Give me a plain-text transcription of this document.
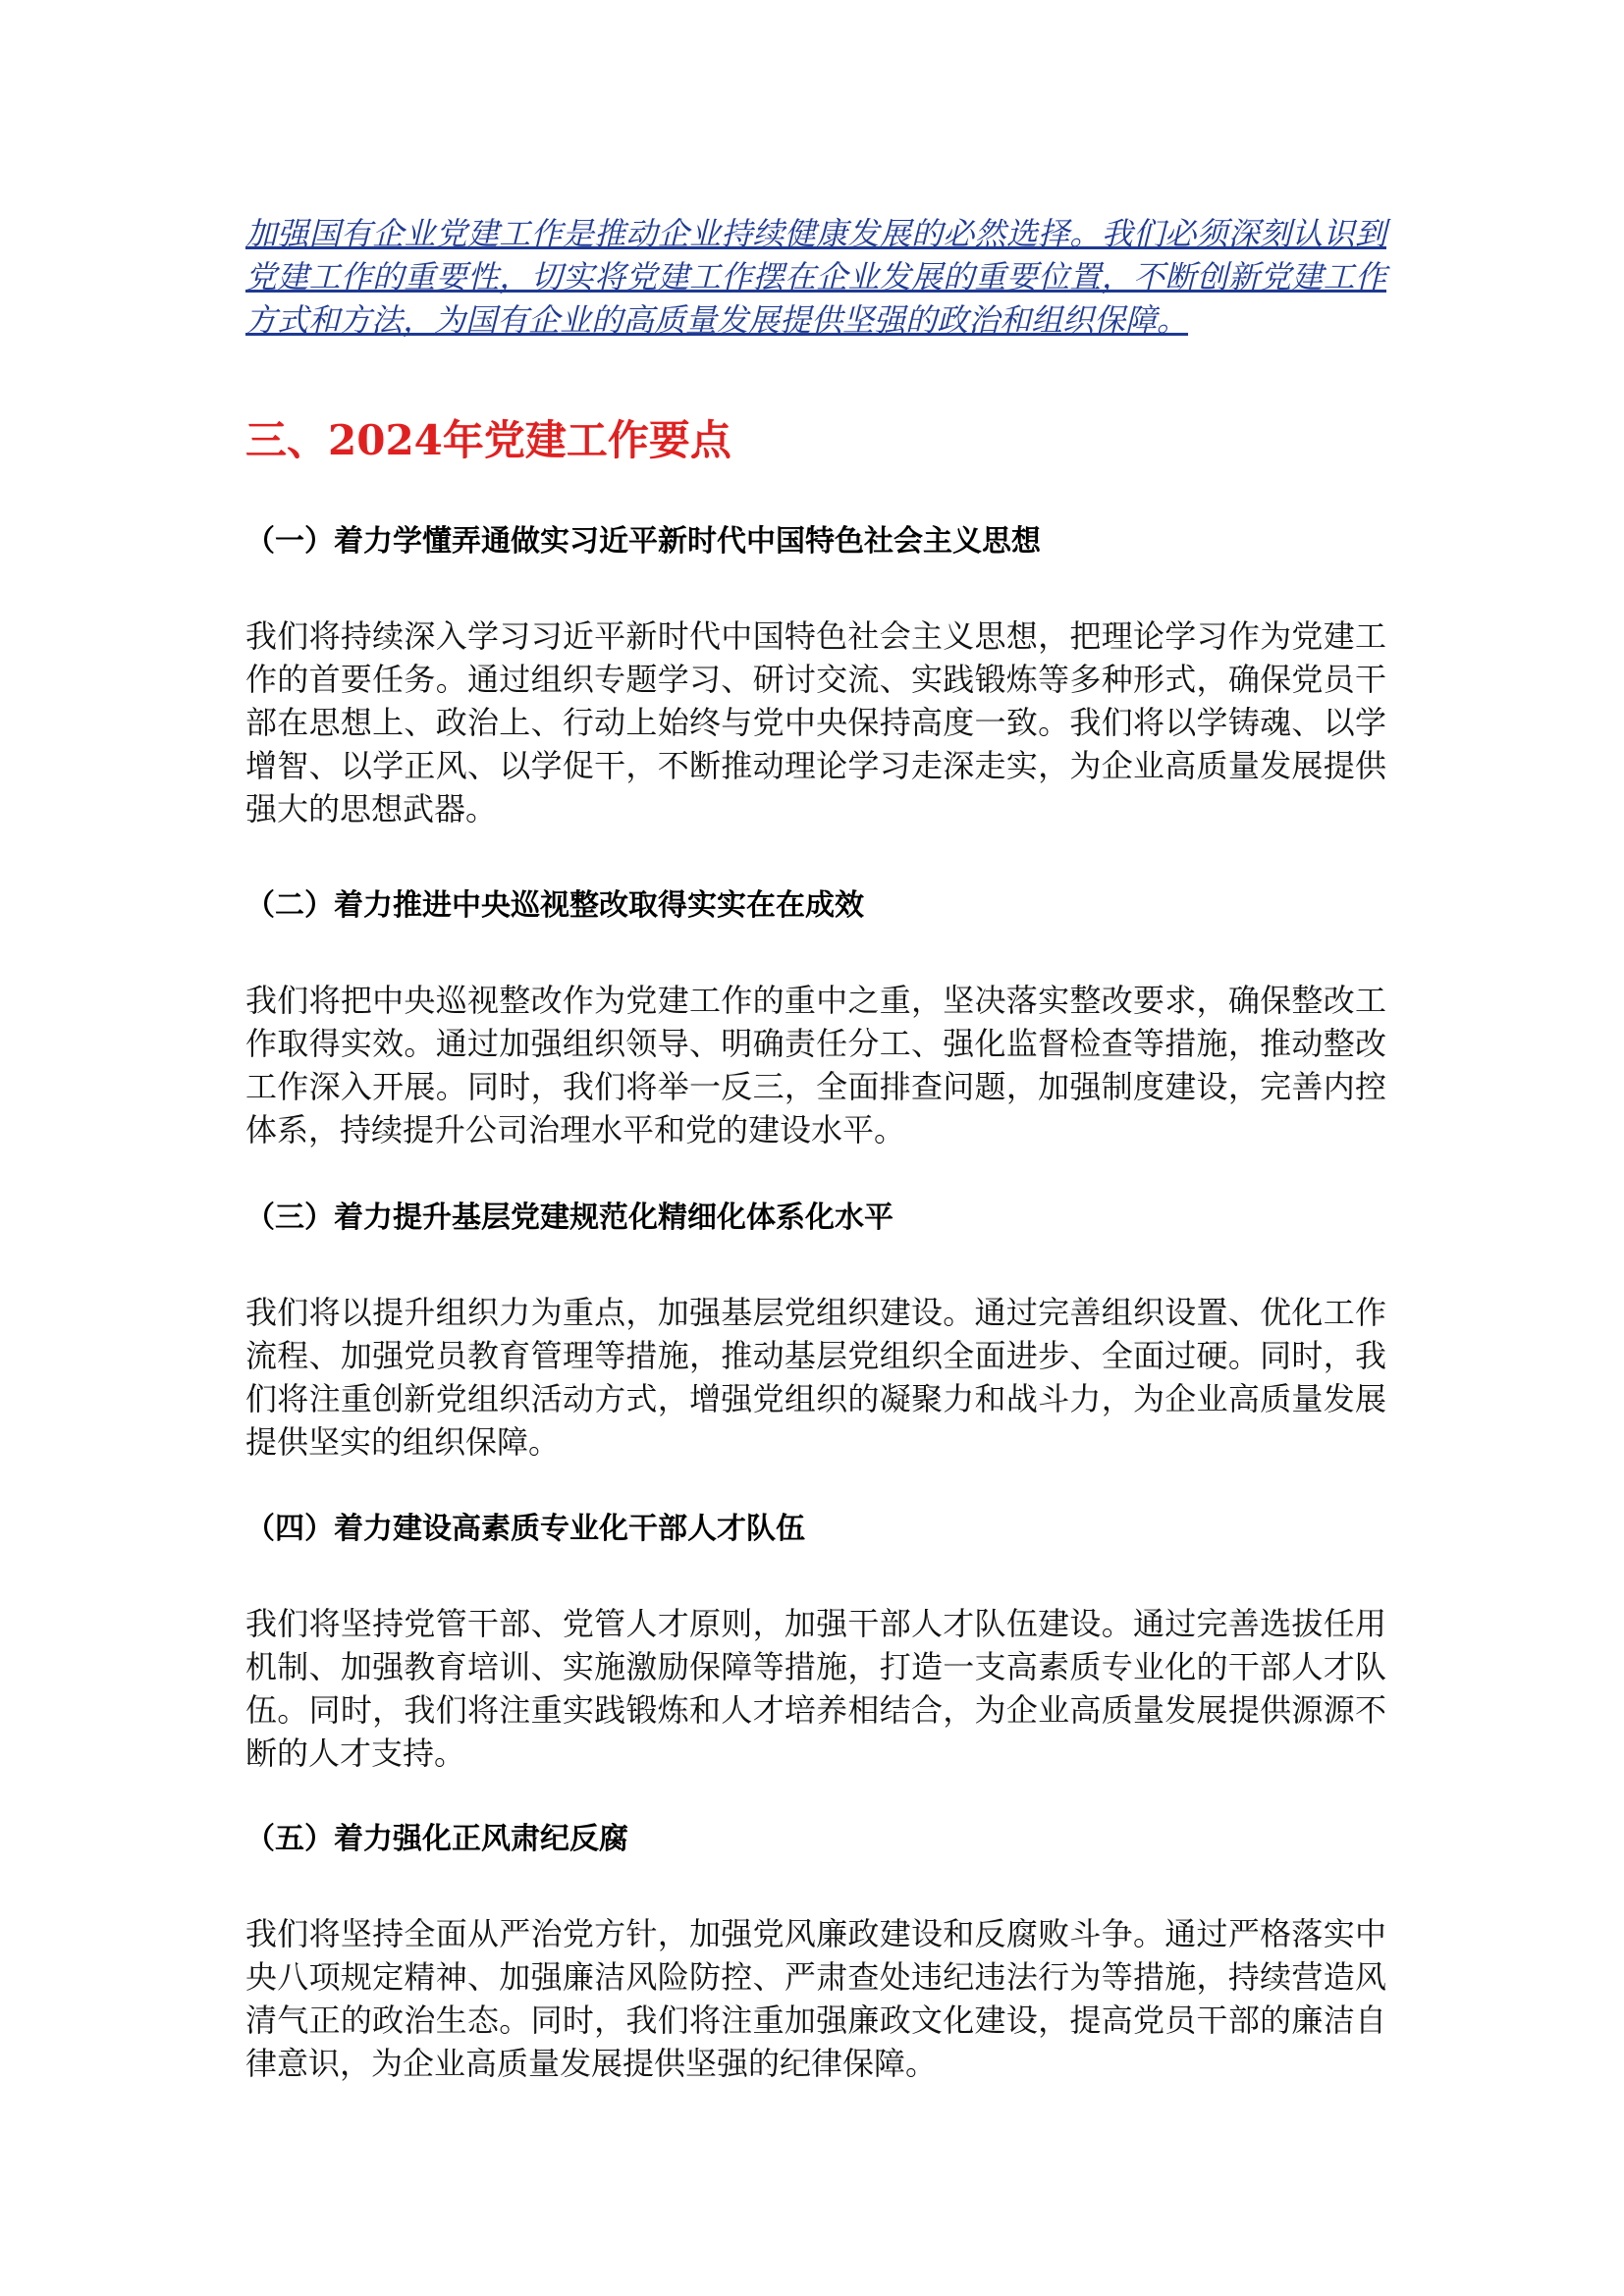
加强国有企业党建工作是推动企业持续健康发展的必然选择。我们必须深刻认识到党建工作的重要性，切实将党建工作摆在企业发展的重要位置，不断创新党建工作方式和方法，为国有企业的高质量发展提供坚强的政治和组织保障。

三、2024年党建工作要点
（一）着力学懂弄通做实习近平新时代中国特色社会主义思想

我们将持续深入学习习近平新时代中国特色社会主义思想，把理论学习作为党建工作的首要任务。通过组织专题学习、研讨交流、实践锻炼等多种形式，确保党员干部在思想上、政治上、行动上始终与党中央保持高度一致。我们将以学铸魂、以学增智、以学正风、以学促干，不断推动理论学习走深走实，为企业高质量发展提供强大的思想武器。

（二）着力推进中央巡视整改取得实实在在成效

我们将把中央巡视整改作为党建工作的重中之重，坚决落实整改要求，确保整改工作取得实效。通过加强组织领导、明确责任分工、强化监督检查等措施，推动整改工作深入开展。同时，我们将举一反三，全面排查问题，加强制度建设，完善内控体系，持续提升公司治理水平和党的建设水平。

（三）着力提升基层党建规范化精细化体系化水平

我们将以提升组织力为重点，加强基层党组织建设。通过完善组织设置、优化工作流程、加强党员教育管理等措施，推动基层党组织全面进步、全面过硬。同时，我们将注重创新党组织活动方式，增强党组织的凝聚力和战斗力，为企业高质量发展提供坚实的组织保障。

（四）着力建设高素质专业化干部人才队伍

我们将坚持党管干部、党管人才原则，加强干部人才队伍建设。通过完善选拔任用机制、加强教育培训、实施激励保障等措施，打造一支高素质专业化的干部人才队伍。同时，我们将注重实践锻炼和人才培养相结合，为企业高质量发展提供源源不断的人才支持。

（五）着力强化正风肃纪反腐

我们将坚持全面从严治党方针，加强党风廉政建设和反腐败斗争。通过严格落实中央八项规定精神、加强廉洁风险防控、严肃查处违纪违法行为等措施，持续营造风清气正的政治生态。同时，我们将注重加强廉政文化建设，提高党员干部的廉洁自律意识，为企业高质量发展提供坚强的纪律保障。
